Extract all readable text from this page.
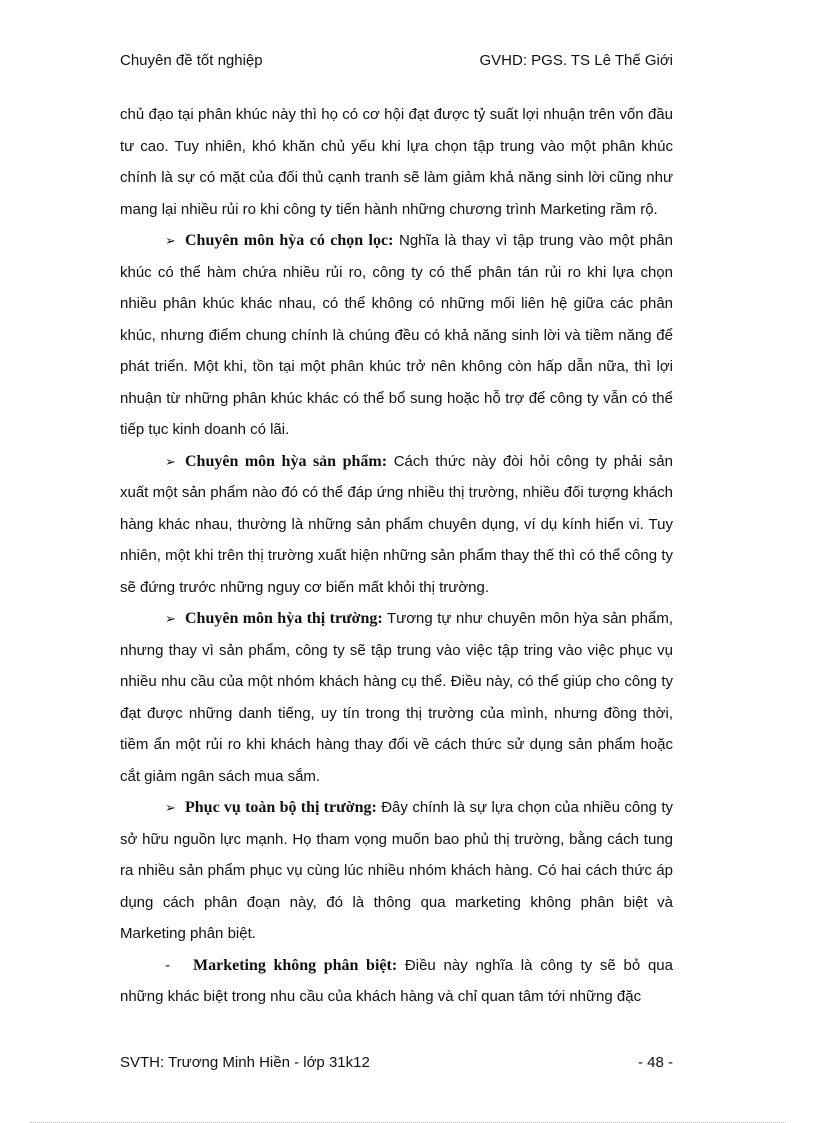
Chuyên đề tốt nghiệp	GVHD: PGS. TS Lê Thế Giới

chủ đạo tại phân khúc này thì họ có cơ hội đạt được tỷ suất lợi nhuận trên vốn đầu tư cao. Tuy nhiên, khó khăn chủ yếu khi lựa chọn tập trung vào một phân khúc chính là sự có mặt của đối thủ cạnh tranh sẽ làm giảm khả năng sinh lời cũng như mang lại nhiều rủi ro khi công ty tiến hành những chương trình Marketing rầm rộ.

➢ Chuyên môn hỳa có chọn lọc: Nghĩa là thay vì tập trung vào một phân khúc có thể hàm chứa nhiều rủi ro, công ty có thể phân tán rủi ro khi lựa chọn nhiều phân khúc khác nhau, có thể không có những mối liên hệ giữa các phân khúc, nhưng điểm chung chính là chúng đều có khả năng sinh lời và tiềm năng để phát triển. Một khi, tồn tại một phân khúc trở nên không còn hấp dẫn nữa, thì lợi nhuận từ những phân khúc khác có thể bổ sung hoặc hỗ trợ để công ty vẫn có thể tiếp tục kinh doanh có lãi.

➢ Chuyên môn hỳa sản phẩm: Cách thức này đòi hỏi công ty phải sản xuất một sản phẩm nào đó có thể đáp ứng nhiều thị trường, nhiều đối tượng khách hàng khác nhau, thường là những sản phẩm chuyên dụng, ví dụ kính hiển vi. Tuy nhiên, một khi trên thị trường xuất hiện những sản phẩm thay thế thì có thể công ty sẽ đứng trước những nguy cơ biến mất khỏi thị trường.

➢ Chuyên môn hỳa thị trường: Tương tự như chuyên môn hỳa sản phẩm, nhưng thay vì sản phẩm, công ty sẽ tập trung vào việc tập tring vào việc phục vụ nhiều nhu cầu của một nhóm khách hàng cụ thể. Điều này, có thể giúp cho công ty đạt được những danh tiếng, uy tín trong thị trường của mình, nhưng đồng thời, tiềm ẩn một rủi ro khi khách hàng thay đổi về cách thức sử dụng sản phẩm hoặc cắt giảm ngân sách mua sắm.

➢ Phục vụ toàn bộ thị trường: Đây chính là sự lựa chọn của nhiều công ty sở hữu nguồn lực mạnh. Họ tham vọng muốn bao phủ thị trường, bằng cách tung ra nhiều sản phẩm phục vụ cùng lúc nhiều nhóm khách hàng. Có hai cách thức áp dụng cách phân đoạn này, đó là thông qua marketing không phân biệt và Marketing phân biệt.

- Marketing không phân biệt: Điều này nghĩa là công ty sẽ bỏ qua những khác biệt trong nhu cầu của khách hàng và chỉ quan tâm tới những đặc

SVTH: Trương Minh Hiền - lớp 31k12	- 48 -
